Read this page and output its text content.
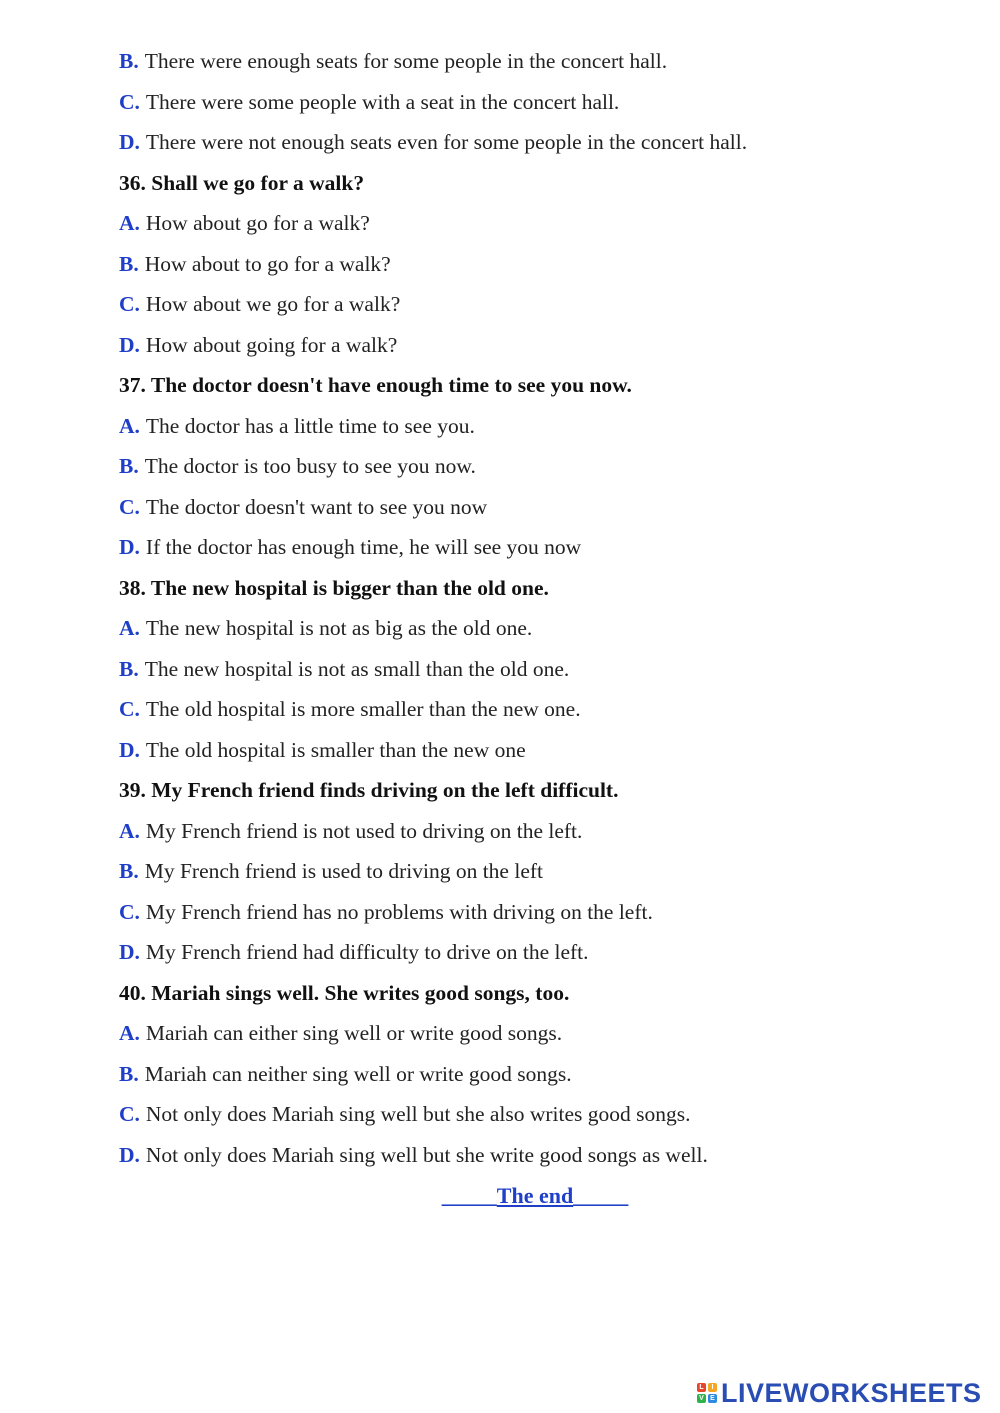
_____The end_____
L	I
V E LIVEWORKSHEETS
B. There were enough seats for some people in the concert hall.
C. There were some people with a seat in the concert hall.
D. There were not enough seats even for some people in the concert hall.
36. Shall we go for a walk?
A. How about go for a walk?
B. How about to go for a walk?
C. How about we go for a walk?
D. How about going for a walk?
37. The doctor doesn't have enough time to see you now.
A. The doctor has a little time to see you.
B. The doctor is too busy to see you now.
C. The doctor doesn't want to see you now
D. If the doctor has enough time, he will see you now
38. The new hospital is bigger than the old one.
A. The new hospital is not as big as the old one.
B. The new hospital is not as small than the old one.
C. The old hospital is more smaller than the new one.
D. The old hospital is smaller than the new one
39. My French friend finds driving on the left difficult.
A. My French friend is not used to driving on the left.
B. My French friend is used to driving on the left
C. My French friend has no problems with driving on the left.
D. My French friend had difficulty to drive on the left.
40. Mariah sings well. She writes good songs, too.
A. Mariah can either sing well or write good songs.
B. Mariah can neither sing well or write good songs.
C. Not only does Mariah sing well but she also writes good songs.
D. Not only does Mariah sing well but she write good songs as well.
